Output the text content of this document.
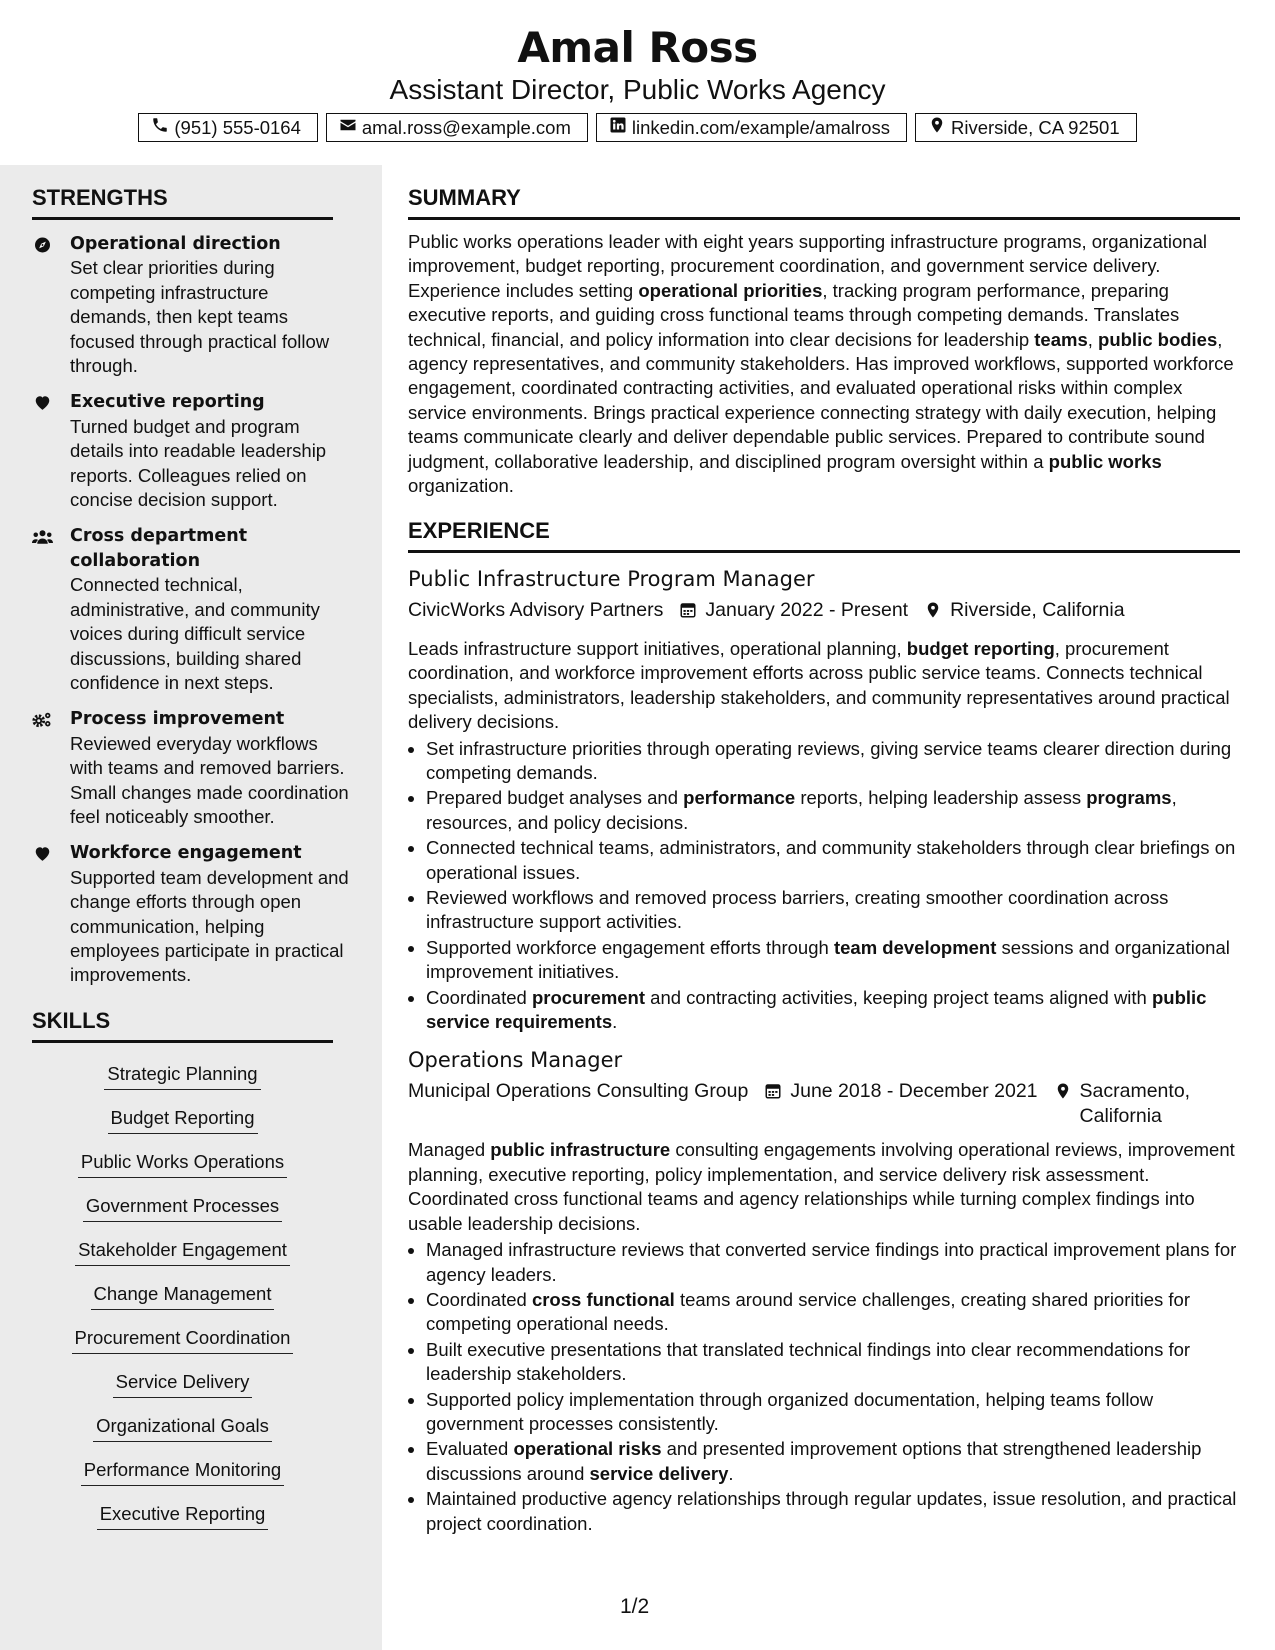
Amal Ross
Assistant Director, Public Works Agency
(951) 555-0164	amal.ross@example.com	linkedin.com/example/amalross	Riverside, CA 92501
STRENGTHS
Operational direction
Set clear priorities during competing infrastructure demands, then kept teams focused through practical follow through.
Executive reporting
Turned budget and program details into readable leadership reports. Colleagues relied on concise decision support.
Cross department collaboration
Connected technical, administrative, and community voices during difficult service discussions, building shared confidence in next steps.
Process improvement
Reviewed everyday workflows with teams and removed barriers. Small changes made coordination feel noticeably smoother.
Workforce engagement
Supported team development and change efforts through open communication, helping employees participate in practical improvements.
SKILLS
Strategic Planning
Budget Reporting
Public Works Operations
Government Processes
Stakeholder Engagement
Change Management
Procurement Coordination
Service Delivery
Organizational Goals
Performance Monitoring
Executive Reporting
SUMMARY
Public works operations leader with eight years supporting infrastructure programs, organizational improvement, budget reporting, procurement coordination, and government service delivery. Experience includes setting operational priorities, tracking program performance, preparing executive reports, and guiding cross functional teams through competing demands. Translates technical, financial, and policy information into clear decisions for leadership teams, public bodies, agency representatives, and community stakeholders. Has improved workflows, supported workforce engagement, coordinated contracting activities, and evaluated operational risks within complex service environments. Brings practical experience connecting strategy with daily execution, helping teams communicate clearly and deliver dependable public services. Prepared to contribute sound judgment, collaborative leadership, and disciplined program oversight within a public works organization.
EXPERIENCE
Public Infrastructure Program Manager
CivicWorks Advisory Partners January 2022 - Present Riverside, California
Leads infrastructure support initiatives, operational planning, budget reporting, procurement coordination, and workforce improvement efforts across public service teams. Connects technical specialists, administrators, leadership stakeholders, and community representatives around practical delivery decisions.
• Set infrastructure priorities through operating reviews, giving service teams clearer direction during competing demands.
• Prepared budget analyses and performance reports, helping leadership assess programs, resources, and policy decisions.
• Connected technical teams, administrators, and community stakeholders through clear briefings on operational issues.
• Reviewed workflows and removed process barriers, creating smoother coordination across infrastructure support activities.
• Supported workforce engagement efforts through team development sessions and organizational improvement initiatives.
• Coordinated procurement and contracting activities, keeping project teams aligned with public service requirements.
Operations Manager
Municipal Operations Consulting Group June 2018 - December 2021 Sacramento, California
Managed public infrastructure consulting engagements involving operational reviews, improvement planning, executive reporting, policy implementation, and service delivery risk assessment. Coordinated cross functional teams and agency relationships while turning complex findings into usable leadership decisions.
• Managed infrastructure reviews that converted service findings into practical improvement plans for agency leaders.
• Coordinated cross functional teams around service challenges, creating shared priorities for competing operational needs.
• Built executive presentations that translated technical findings into clear recommendations for leadership stakeholders.
• Supported policy implementation through organized documentation, helping teams follow government processes consistently.
• Evaluated operational risks and presented improvement options that strengthened leadership discussions around service delivery.
• Maintained productive agency relationships through regular updates, issue resolution, and practical project coordination.
1/2
